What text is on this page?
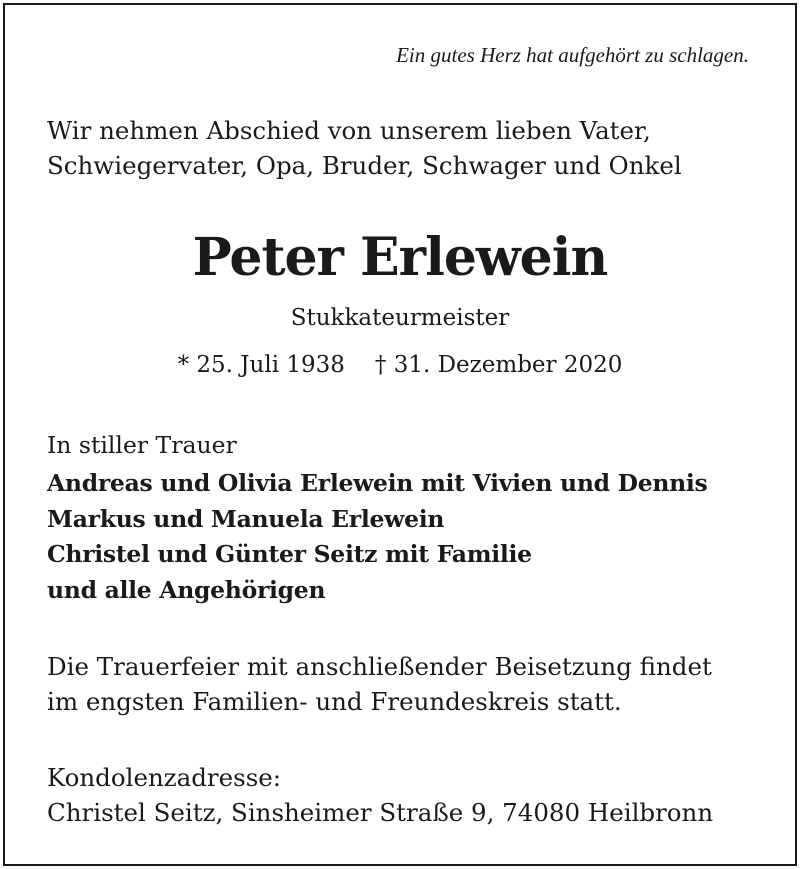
Ein gutes Herz hat aufgehört zu schlagen.
Wir nehmen Abschied von unserem lieben Vater,
Schwiegervater, Opa, Bruder, Schwager und Onkel
Peter Erlewein
Stukkateurmeister
* 25. Juli 1938 † 31. Dezember 2020
In stiller Trauer
Andreas und Olivia Erlewein mit Vivien und Dennis
Markus und Manuela Erlewein
Christel und Günter Seitz mit Familie
und alle Angehörigen
Die Trauerfeier mit anschließender Beisetzung findet
im engsten Familien- und Freundeskreis statt.
Kondolenzadresse:
Christel Seitz, Sinsheimer Straße 9, 74080 Heilbronn
